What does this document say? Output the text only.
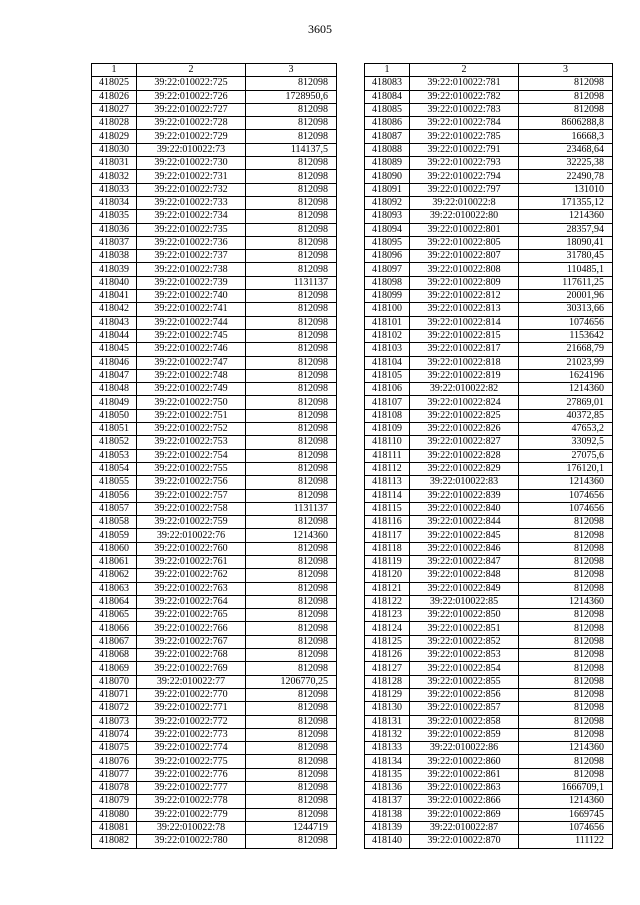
3605
1	2	3
418025	39:22:010022:725	812098
418026	39:22:010022:726	1728950,6
418027	39:22:010022:727	812098
418028	39:22:010022:728	812098
418029	39:22:010022:729	812098
418030	39:22:010022:73	114137,5
418031	39:22:010022:730	812098
418032	39:22:010022:731	812098
418033	39:22:010022:732	812098
418034	39:22:010022:733	812098
418035	39:22:010022:734	812098
418036	39:22:010022:735	812098
418037	39:22:010022:736	812098
418038	39:22:010022:737	812098
418039	39:22:010022:738	812098
418040	39:22:010022:739	1131137
418041	39:22:010022:740	812098
418042	39:22:010022:741	812098
418043	39:22:010022:744	812098
418044	39:22:010022:745	812098
418045	39:22:010022:746	812098
418046	39:22:010022:747	812098
418047	39:22:010022:748	812098
418048	39:22:010022:749	812098
418049	39:22:010022:750	812098
418050	39:22:010022:751	812098
418051	39:22:010022:752	812098
418052	39:22:010022:753	812098
418053	39:22:010022:754	812098
418054	39:22:010022:755	812098
418055	39:22:010022:756	812098
418056	39:22:010022:757	812098
418057	39:22:010022:758	1131137
418058	39:22:010022:759	812098
418059	39:22:010022:76	1214360
418060	39:22:010022:760	812098
418061	39:22:010022:761	812098
418062	39:22:010022:762	812098
418063	39:22:010022:763	812098
418064	39:22:010022:764	812098
418065	39:22:010022:765	812098
418066	39:22:010022:766	812098
418067	39:22:010022:767	812098
418068	39:22:010022:768	812098
418069	39:22:010022:769	812098
418070	39:22:010022:77	1206770,25
418071	39:22:010022:770	812098
418072	39:22:010022:771	812098
418073	39:22:010022:772	812098
418074	39:22:010022:773	812098
418075	39:22:010022:774	812098
418076	39:22:010022:775	812098
418077	39:22:010022:776	812098
418078	39:22:010022:777	812098
418079	39:22:010022:778	812098
418080	39:22:010022:779	812098
418081	39:22:010022:78	1244719
418082	39:22:010022:780	812098
1	2	3
418083	39:22:010022:781	812098
418084	39:22:010022:782	812098
418085	39:22:010022:783	812098
418086	39:22:010022:784	8606288,8
418087	39:22:010022:785	16668,3
418088	39:22:010022:791	23468,64
418089	39:22:010022:793	32225,38
418090	39:22:010022:794	22490,78
418091	39:22:010022:797	131010
418092	39:22:010022:8	171355,12
418093	39:22:010022:80	1214360
418094	39:22:010022:801	28357,94
418095	39:22:010022:805	18090,41
418096	39:22:010022:807	31780,45
418097	39:22:010022:808	110485,1
418098	39:22:010022:809	117611,25
418099	39:22:010022:812	20001,96
418100	39:22:010022:813	30313,66
418101	39:22:010022:814	1074656
418102	39:22:010022:815	1153642
418103	39:22:010022:817	21668,79
418104	39:22:010022:818	21023,99
418105	39:22:010022:819	1624196
418106	39:22:010022:82	1214360
418107	39:22:010022:824	27869,01
418108	39:22:010022:825	40372,85
418109	39:22:010022:826	47653,2
418110	39:22:010022:827	33092,5
418111	39:22:010022:828	27075,6
418112	39:22:010022:829	176120,1
418113	39:22:010022:83	1214360
418114	39:22:010022:839	1074656
418115	39:22:010022:840	1074656
418116	39:22:010022:844	812098
418117	39:22:010022:845	812098
418118	39:22:010022:846	812098
418119	39:22:010022:847	812098
418120	39:22:010022:848	812098
418121	39:22:010022:849	812098
418122	39:22:010022:85	1214360
418123	39:22:010022:850	812098
418124	39:22:010022:851	812098
418125	39:22:010022:852	812098
418126	39:22:010022:853	812098
418127	39:22:010022:854	812098
418128	39:22:010022:855	812098
418129	39:22:010022:856	812098
418130	39:22:010022:857	812098
418131	39:22:010022:858	812098
418132	39:22:010022:859	812098
418133	39:22:010022:86	1214360
418134	39:22:010022:860	812098
418135	39:22:010022:861	812098
418136	39:22:010022:863	1666709,1
418137	39:22:010022:866	1214360
418138	39:22:010022:869	1669745
418139	39:22:010022:87	1074656
418140	39:22:010022:870	111122
